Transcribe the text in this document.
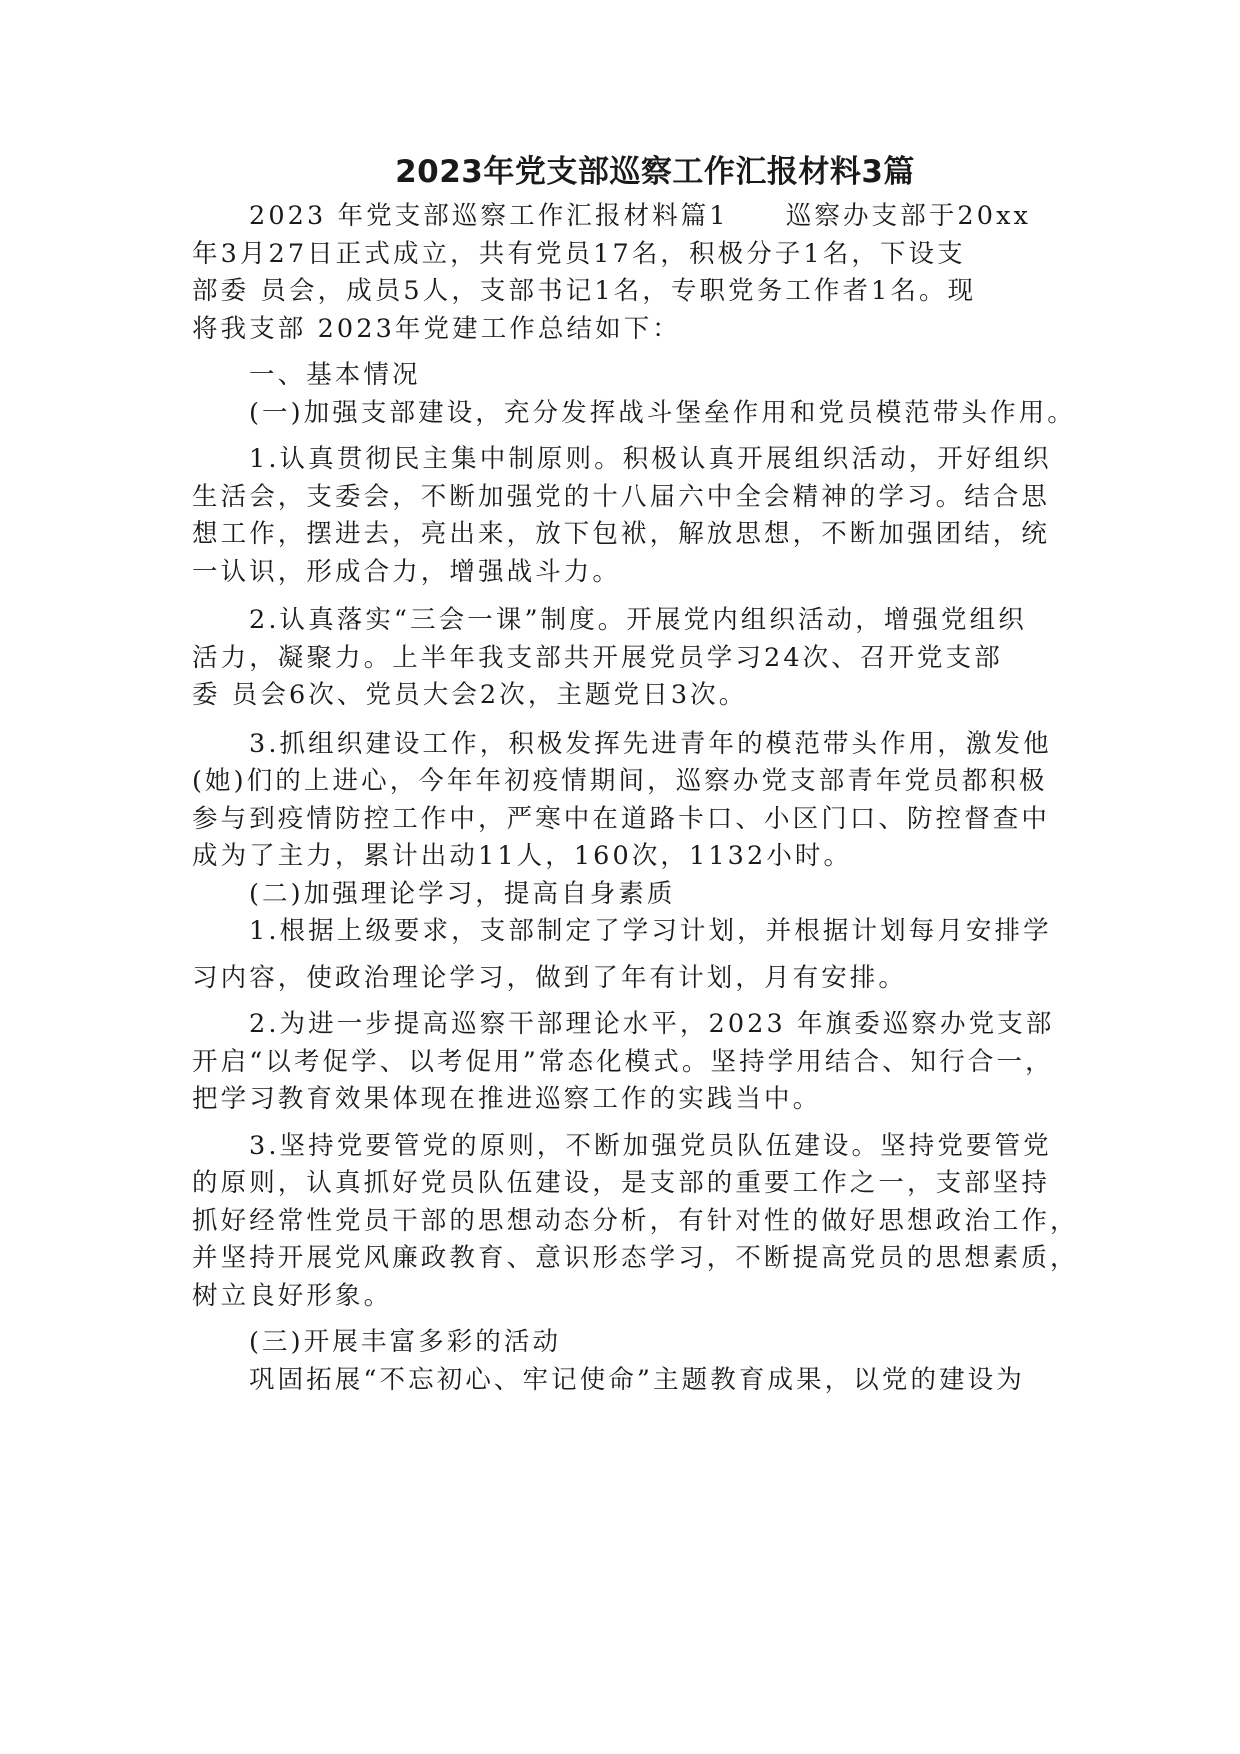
2023年党支部巡察工作汇报材料3篇
2023 年党支部巡察工作汇报材料篇1　　巡察办支部于20xx
年3月27日正式成立，共有党员17名，积极分子1名，下设支
部委 员会，成员5人，支部书记1名，专职党务工作者1名。现
将我支部 2023年党建工作总结如下：
一、基本情况
(一)加强支部建设，充分发挥战斗堡垒作用和党员模范带头作用。
1.认真贯彻民主集中制原则。积极认真开展组织活动，开好组织
生活会，支委会，不断加强党的十八届六中全会精神的学习。结合思
想工作，摆进去，亮出来，放下包袱，解放思想，不断加强团结，统
一认识，形成合力，增强战斗力。
2.认真落实“三会一课”制度。开展党内组织活动，增强党组织
活力，凝聚力。上半年我支部共开展党员学习24次、召开党支部
委 员会6次、党员大会2次，主题党日3次。
3.抓组织建设工作，积极发挥先进青年的模范带头作用，激发他
(她)们的上进心，今年年初疫情期间，巡察办党支部青年党员都积极
参与到疫情防控工作中，严寒中在道路卡口、小区门口、防控督查中
成为了主力，累计出动11人，160次，1132小时。
(二)加强理论学习，提高自身素质
1.根据上级要求，支部制定了学习计划，并根据计划每月安排学
习内容，使政治理论学习，做到了年有计划，月有安排。
2.为进一步提高巡察干部理论水平，2023 年旗委巡察办党支部
开启“以考促学、以考促用”常态化模式。坚持学用结合、知行合一，
把学习教育效果体现在推进巡察工作的实践当中。
3.坚持党要管党的原则，不断加强党员队伍建设。坚持党要管党
的原则，认真抓好党员队伍建设，是支部的重要工作之一，支部坚持
抓好经常性党员干部的思想动态分析，有针对性的做好思想政治工作，
并坚持开展党风廉政教育、意识形态学习，不断提高党员的思想素质，
树立良好形象。
(三)开展丰富多彩的活动
巩固拓展“不忘初心、牢记使命”主题教育成果，以党的建设为
